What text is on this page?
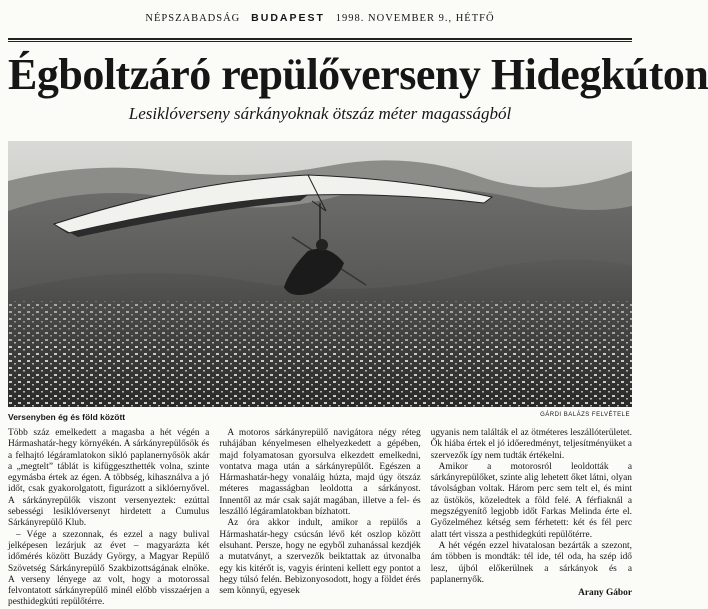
NÉPSZABADSÁG BUDAPEST 1998. NOVEMBER 9., HÉTFŐ
Égboltzáró repülőverseny Hidegkúton
Lesiklóverseny sárkányoknak ötszáz méter magasságból
Versenyben ég és föld között	GÁRDI BALÁZS FELVÉTELE

Több száz emelkedett a magasba a hét végén a Hármashatár-hegy környékén. A sárkányrepülősök és a felhajtó légáramlatokon sikló paplanernyősök akár a „megtelt” táblát is kifüggeszthették volna, szinte egymásba értek az égen. A többség, kihasználva a jó időt, csak gyakorolgatott, figurázott a siklóernyővel. A sárkányrepülők viszont versenyeztek: ezúttal sebességi lesiklóversenyt hirdetett a Cumulus Sárkányrepülő Klub.

– Vége a szezonnak, és ezzel a nagy bulival jelképesen lezárjuk az évet – magyarázta két időmérés között Buzády György, a Magyar Repülő Szövetség Sárkányrepülő Szakbizottságának elnöke. A verseny lényege az volt, hogy a motorossal felvontatott sárkányrepülő minél előbb visszaérjen a pesthidegkúti repülőtérre.

A motoros sárkányrepülő navigátora négy réteg ruhájában kényelmesen elhelyezkedett a gépében, majd folyamatosan gyorsulva elkezdett emelkedni, vontatva maga után a sárkányrepülőt. Egészen a Hármashatár-hegy vonaláig húzta, majd úgy ötszáz méteres magasságban leoldotta a sárkányost. Innentől az már csak saját magában, illetve a fel- és leszálló légáramlatokban bízhatott.

Az óra akkor indult, amikor a repülős a Hármashatár-hegy csúcsán lévő két oszlop között elsuhant. Persze, hogy ne egyből zuhanással kezdjék a mutatványt, a szervezők beiktattak az útvonalba egy kis kitérőt is, vagyis érinteni kellett egy pontot a hegy túlsó felén. Bebizonyosodott, hogy a földet érés sem könnyű, egyesek

ugyanis nem találták el az ötméteres leszállóterületet. Ők hiába értek el jó időeredményt, teljesítményüket a szervezők így nem tudták értékelni.

Amikor a motorosról leoldották a sárkányrepülőket, szinte alig lehetett őket látni, olyan távolságban voltak. Három perc sem telt el, és mint az üstökös, közeledtek a föld felé. A férfiaknál a megszégyenítő legjobb időt Farkas Melinda érte el. Győzelméhez kétség sem férhetett: két és fél perc alatt tért vissza a pesthidegkúti repülőtérre.

A hét végén ezzel hivatalosan bezárták a szezont, ám többen is mondták: tél ide, tél oda, ha szép idő lesz, újból előkerülnek a sárkányok és a paplanernyők.

Arany Gábor
